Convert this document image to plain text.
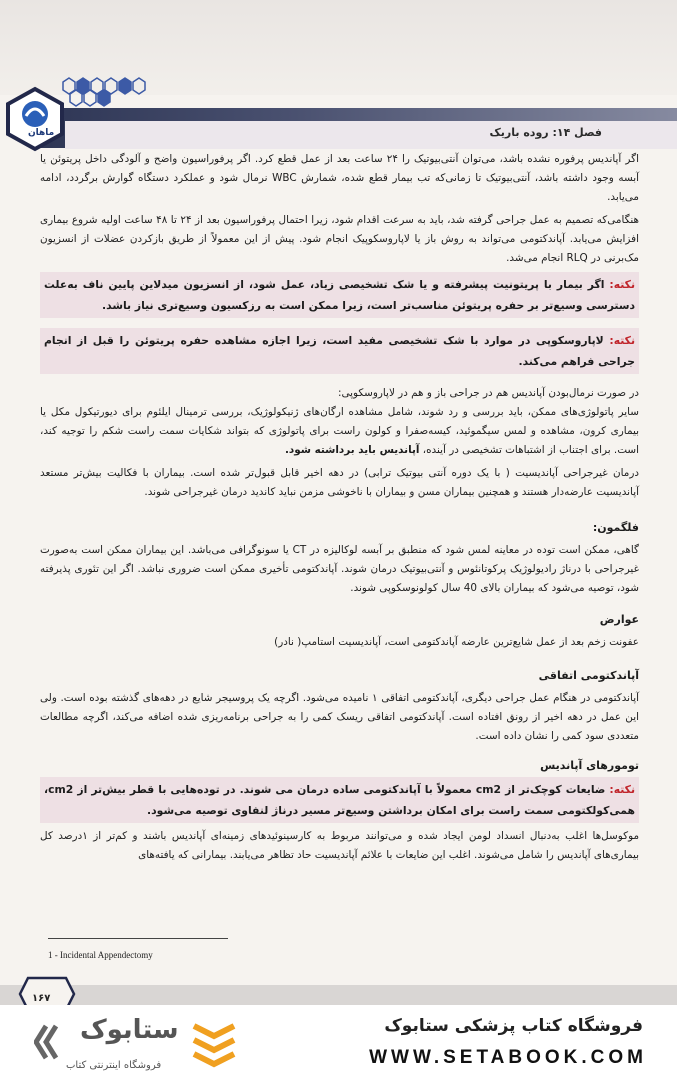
فصل ۱۴: روده باریک
ماهان

اگر آپاندیس پرفوره نشده باشد، می‌توان آنتی‌بیوتیک را ۲۴ ساعت بعد از عمل قطع کرد. اگر پرفوراسیون واضح و آلودگی داخل پریتوئن یا آبسه وجود داشته باشد، آنتی‌بیوتیک تا زمانی‌که تب بیمار قطع شده، شمارش WBC نرمال شود و عملکرد دستگاه گوارش برگردد، ادامه می‌یابد.

هنگامی‌که تصمیم به عمل جراحی گرفته شد، باید به سرعت اقدام شود، زیرا احتمال پرفوراسیون بعد از ۲۴ تا ۴۸ ساعت اولیه شروع بیماری افزایش می‌یابد. آپاندکتومی می‌تواند به روش باز یا لاپاروسکوپیک انجام شود. پیش از این معمولاً از طریق بازکردن عضلات از انسزیون مک‌برنی در RLQ انجام می‌شد.

نکته: اگر بیمار با پریتونیت پیشرفته و یا شک تشخیصی زیاد، عمل شود، از انسزیون میدلاین پایین ناف به‌علت دسترسی وسیع‌تر بر حفره پریتوئن مناسب‌تر است، زیرا ممکن است به رزکسیون وسیع‌تری نیاز باشد.
نکته: لاپاروسکوپی در موارد با شک تشخیصی مفید است، زیرا اجازه مشاهده حفره پریتوئن را قبل از انجام جراحی فراهم می‌کند.

در صورت نرمال‌بودن آپاندیس هم در جراحی باز و هم در لاپاروسکوپی:

سایر پاتولوژی‌های ممکن، باید بررسی و رد شوند، شامل مشاهده ارگان‌های ژنیکولوژیک، بررسی ترمینال ایلئوم برای دیورتیکول مکل یا بیماری کرون، مشاهده و لمس سیگموئید، کیسه‌صفرا و کولون راست برای پاتولوژی که بتواند شکایات سمت راست شکم را توجیه کند، است. برای اجتناب از اشتباهات تشخیصی در آینده، آپاندیس باید برداشته شود.

درمان غیرجراحی آپاندیسیت ( با یک دوره آنتی بیوتیک ترابی) در دهه اخیر قابل قبول‌تر شده است. بیماران با فکالیت بیش‌تر مستعد آپاندیسیت عارضه‌دار هستند و همچنین بیماران مسن و بیماران با ناخوشی مزمن نباید کاندید درمان غیرجراحی شوند.

فلگمون:

گاهی، ممکن است توده در معاینه لمس شود که منطبق بر آبسه لوکالیزه در CT یا سونوگرافی می‌باشد. این بیماران ممکن است به‌صورت غیرجراحی با درناژ رادیولوژیک پرکوتانئوس و آنتی‌بیوتیک درمان شوند. آپاندکتومی تأخیری ممکن است ضروری نباشد. اگر این تئوری پذیرفته شود، توصیه می‌شود که بیماران بالای 40 سال کولونوسکوپی شوند.

عوارض

عفونت زخم بعد از عمل شایع‌ترین عارضه آپاندکتومی است، آپاندیسیت استامپ( نادر)

آپاندکتومی اتفاقی

آپاندکتومی در هنگام عمل جراحی دیگری، آپاندکتومی اتفاقی ۱ نامیده می‌شود. اگرچه یک پروسیجر شایع در دهه‌های گذشته بوده است. ولی این عمل در دهه اخیر از رونق افتاده است. آپاندکتومی اتفاقی ریسک کمی را به جراحی برنامه‌ریزی شده اضافه می‌کند، اگرچه مطالعات متعددی سود کمی را نشان داده است.

تومورهای آپاندیس
نکته: ضایعات کوچک‌تر از cm2 معمولاً با آپاندکتومی ساده درمان می شوند. در توده‌هایی با قطر بیش‌تر از cm2، همی‌کولکتومی سمت راست برای امکان برداشتن وسیع‌تر مسیر درناژ لنفاوی توصیه می‌شود.

موکوسل‌ها اغلب به‌دنبال انسداد لومن ایجاد شده و می‌توانند مربوط به کارسینوئیدهای زمینه‌ای آپاندیس باشند و کم‌تر از ۱درصد کل بیماری‌های آپاندیس را شامل می‌شوند. اغلب این ضایعات با علائم آپاندیسیت حاد تظاهر می‌یابند. بیمارانی که یافته‌های

1 - Incidental Appendectomy
۱۶۷
ستابوک
فروشگاه اینترنتی کتاب
فروشگاه کتاب پزشکی ستابوک
WWW.SETABOOK.COM
